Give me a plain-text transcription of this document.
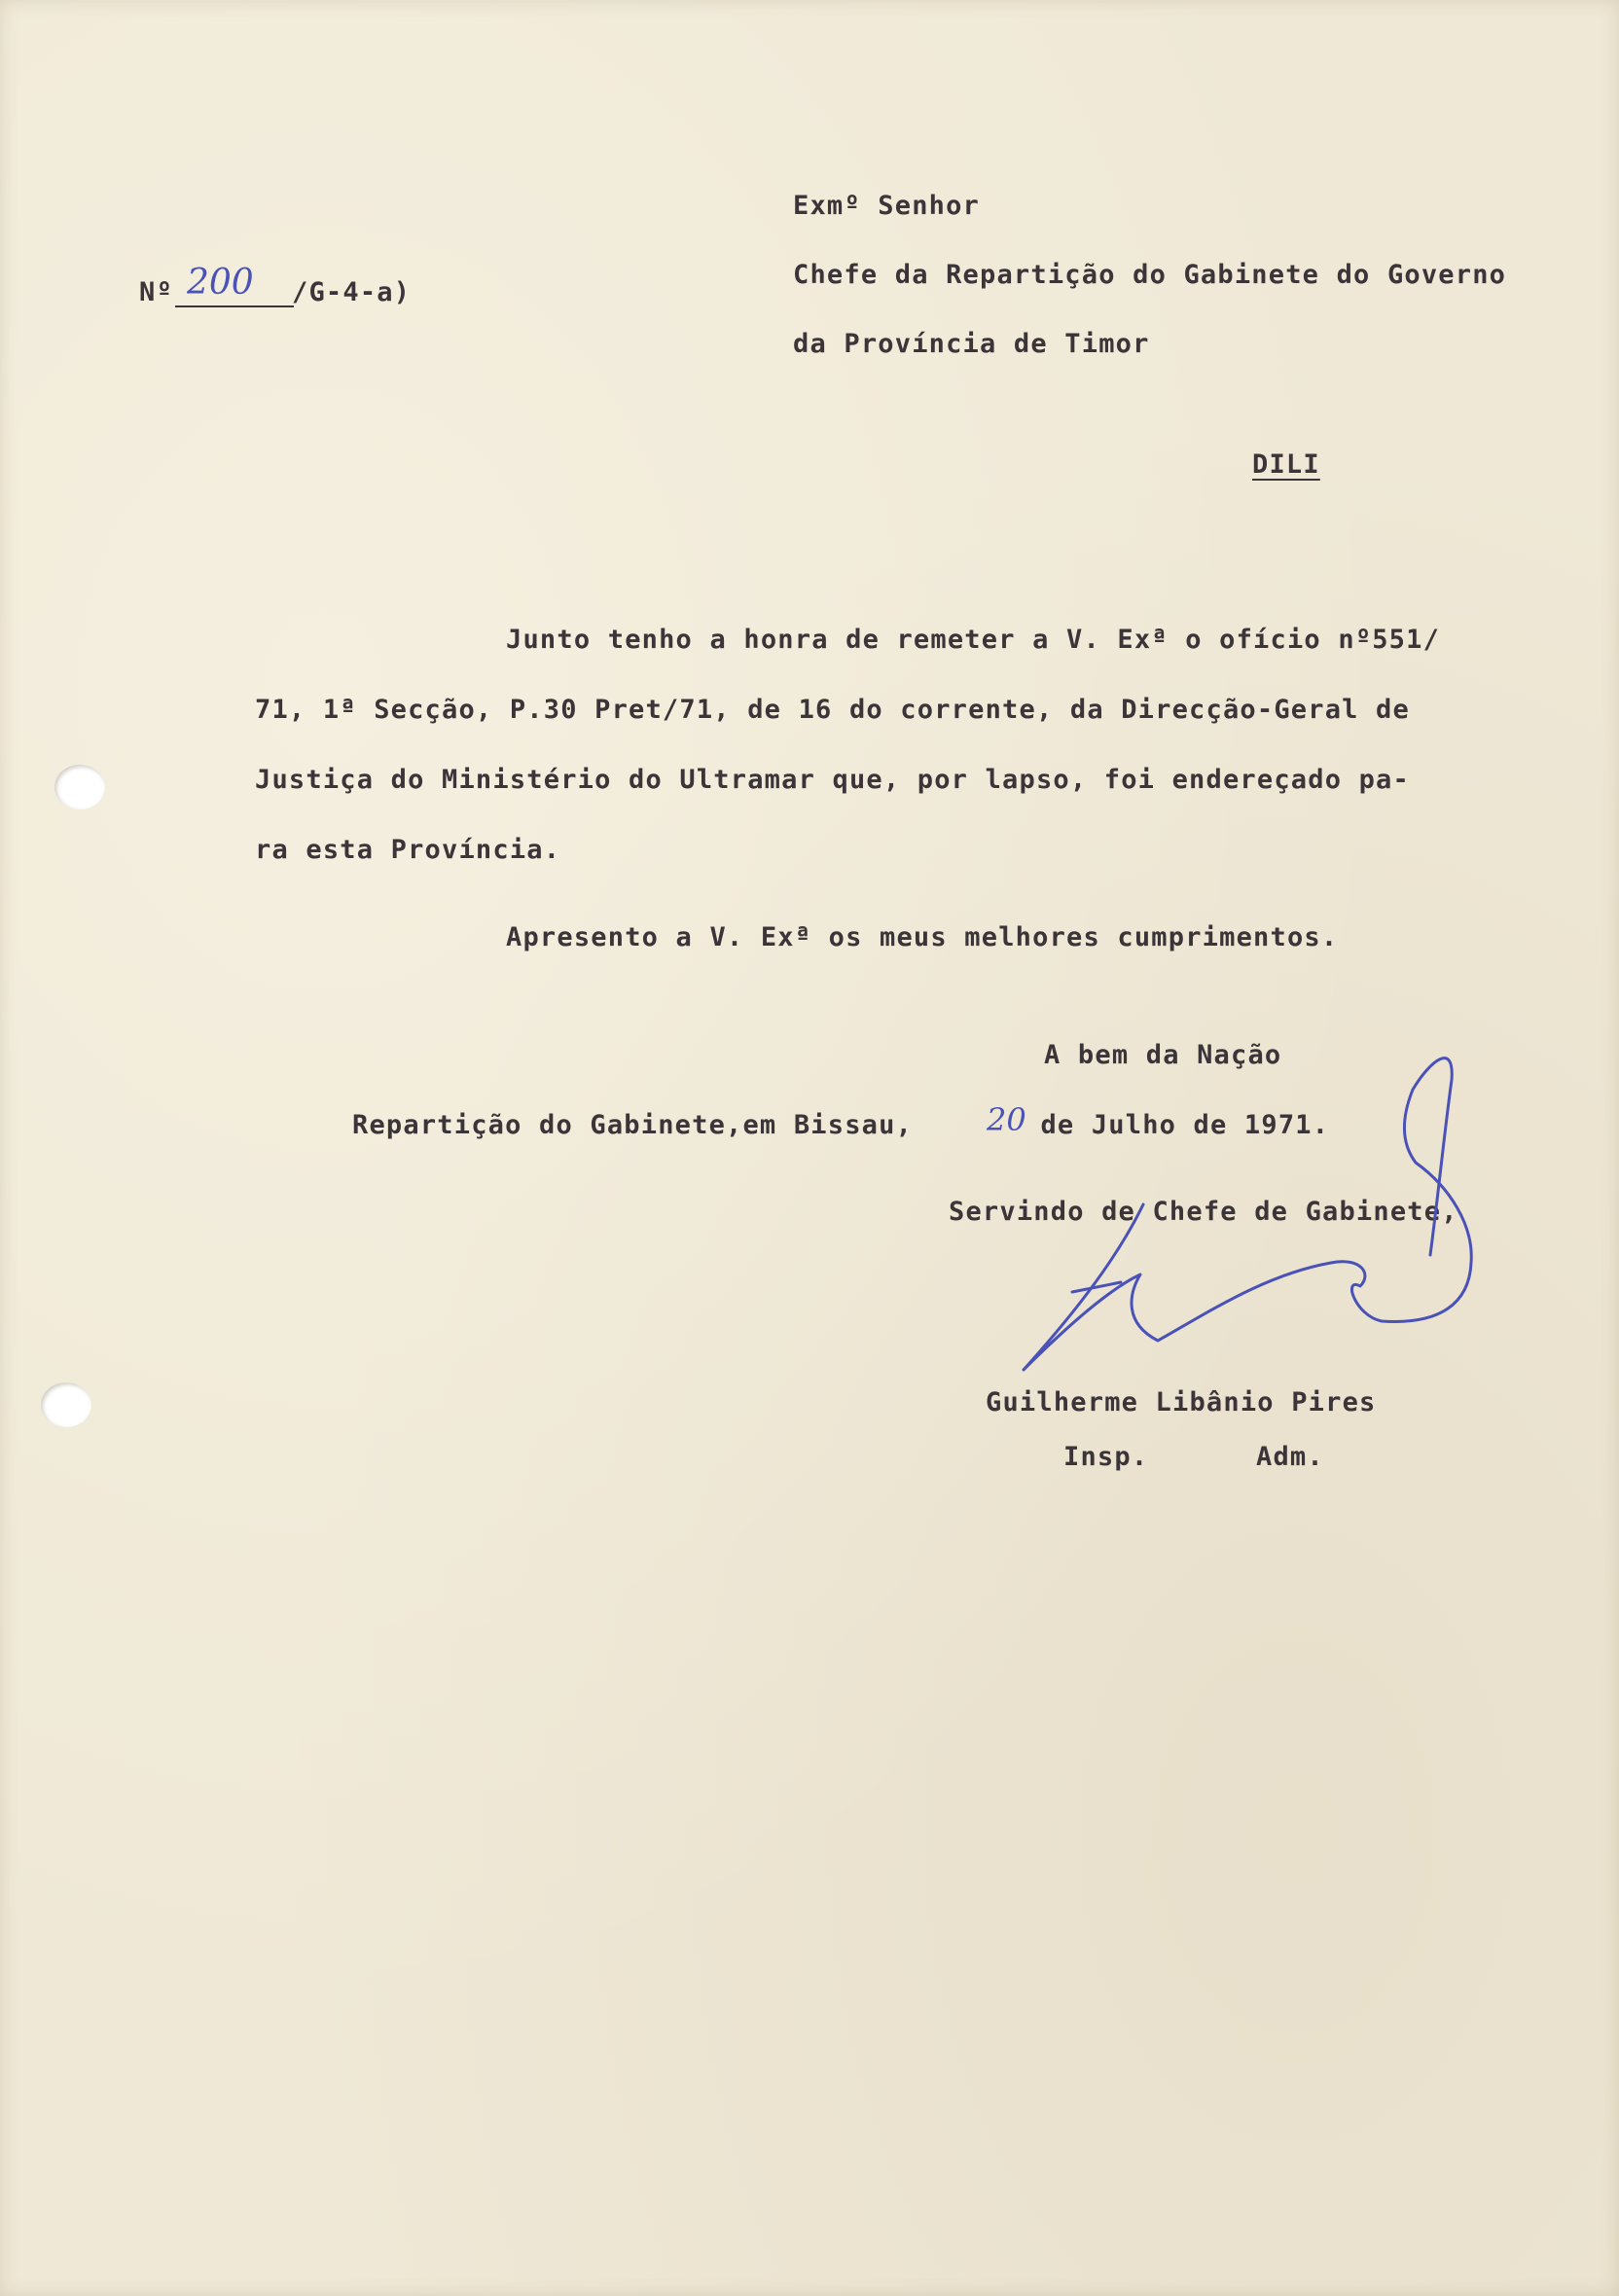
Exmº Senhor
Chefe da Repartição do Gabinete do Governo
da Província de Timor
DILI
Nº 200 /G-4-a)
Junto tenho a honra de remeter a V. Exª o ofício nº551/
71, 1ª Secção, P.30 Pret/71, de 16 do corrente, da Direcção-Geral de
Justiça do Ministério do Ultramar que, por lapso, foi endereçado pa-
ra esta Província.
Apresento a V. Exª os meus melhores cumprimentos.
A bem da Nação
Repartição do Gabinete,em Bissau, 20
de Julho de 1971.
Servindo de Chefe de Gabinete,
Guilherme Libânio Pires
Insp.	Adm.
